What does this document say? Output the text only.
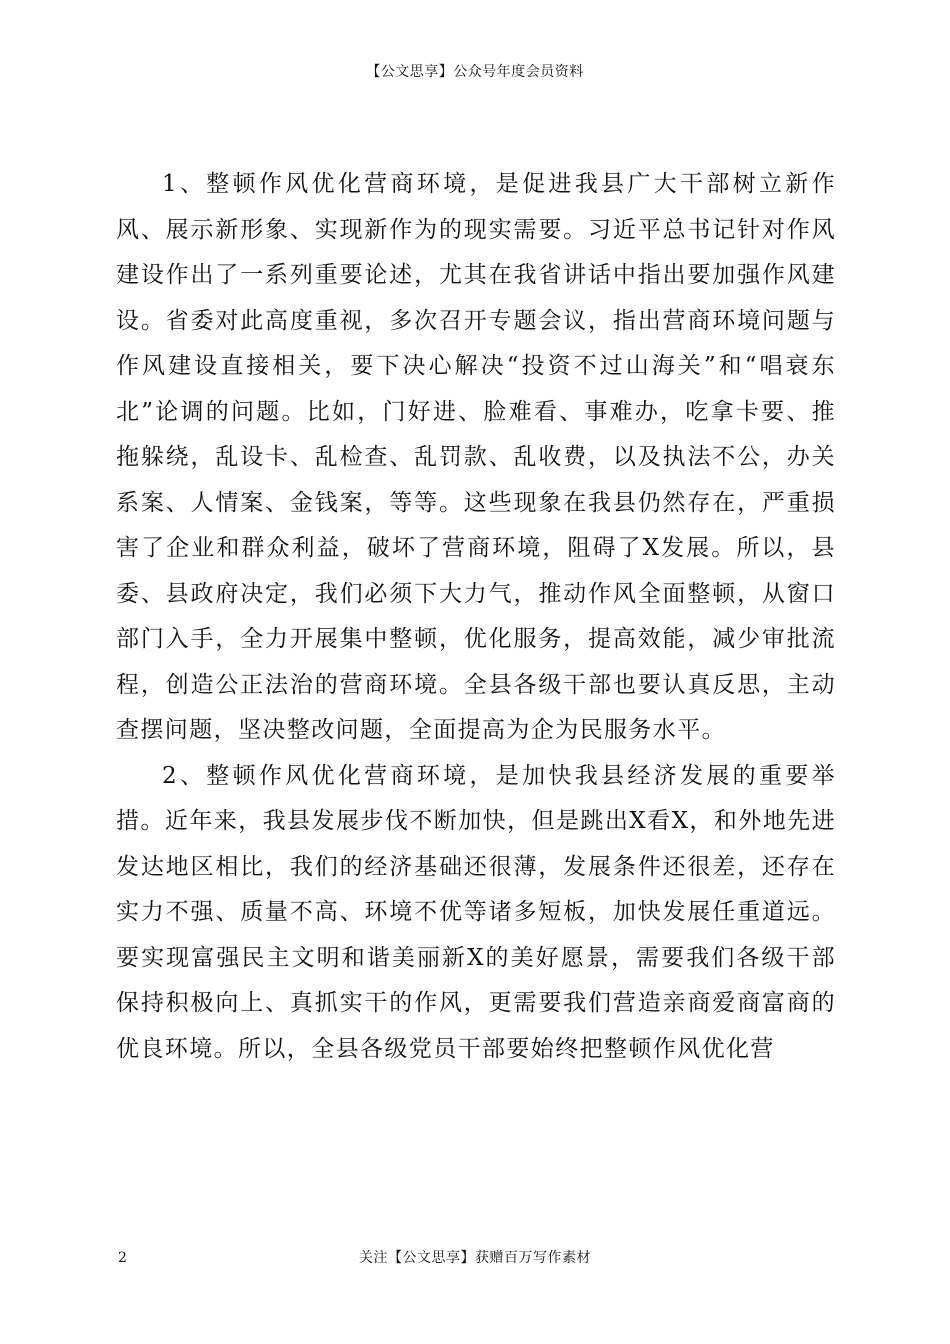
【公文思享】公众号年度会员资料

1、整顿作风优化营商环境，是促进我县广大干部树立新作风、展示新形象、实现新作为的现实需要。习近平总书记针对作风建设作出了一系列重要论述，尤其在我省讲话中指出要加强作风建设。省委对此高度重视，多次召开专题会议，指出营商环境问题与作风建设直接相关，要下决心解决“投资不过山海关”和“唱衰东北”论调的问题。比如，门好进、脸难看、事难办，吃拿卡要、推拖躲绕，乱设卡、乱检查、乱罚款、乱收费，以及执法不公，办关系案、人情案、金钱案，等等。这些现象在我县仍然存在，严重损害了企业和群众利益，破坏了营商环境，阻碍了X发展。所以，县委、县政府决定，我们必须下大力气，推动作风全面整顿，从窗口部门入手，全力开展集中整顿，优化服务，提高效能，减少审批流程，创造公正法治的营商环境。全县各级干部也要认真反思，主动查摆问题，坚决整改问题，全面提高为企为民服务水平。

2、整顿作风优化营商环境，是加快我县经济发展的重要举措。近年来，我县发展步伐不断加快，但是跳出X看X，和外地先进发达地区相比，我们的经济基础还很薄，发展条件还很差，还存在实力不强、质量不高、环境不优等诸多短板，加快发展任重道远。要实现富强民主文明和谐美丽新X的美好愿景，需要我们各级干部保持积极向上、真抓实干的作风，更需要我们营造亲商爱商富商的优良环境。所以，全县各级党员干部要始终把整顿作风优化营

2	关注【公文思享】获赠百万写作素材
